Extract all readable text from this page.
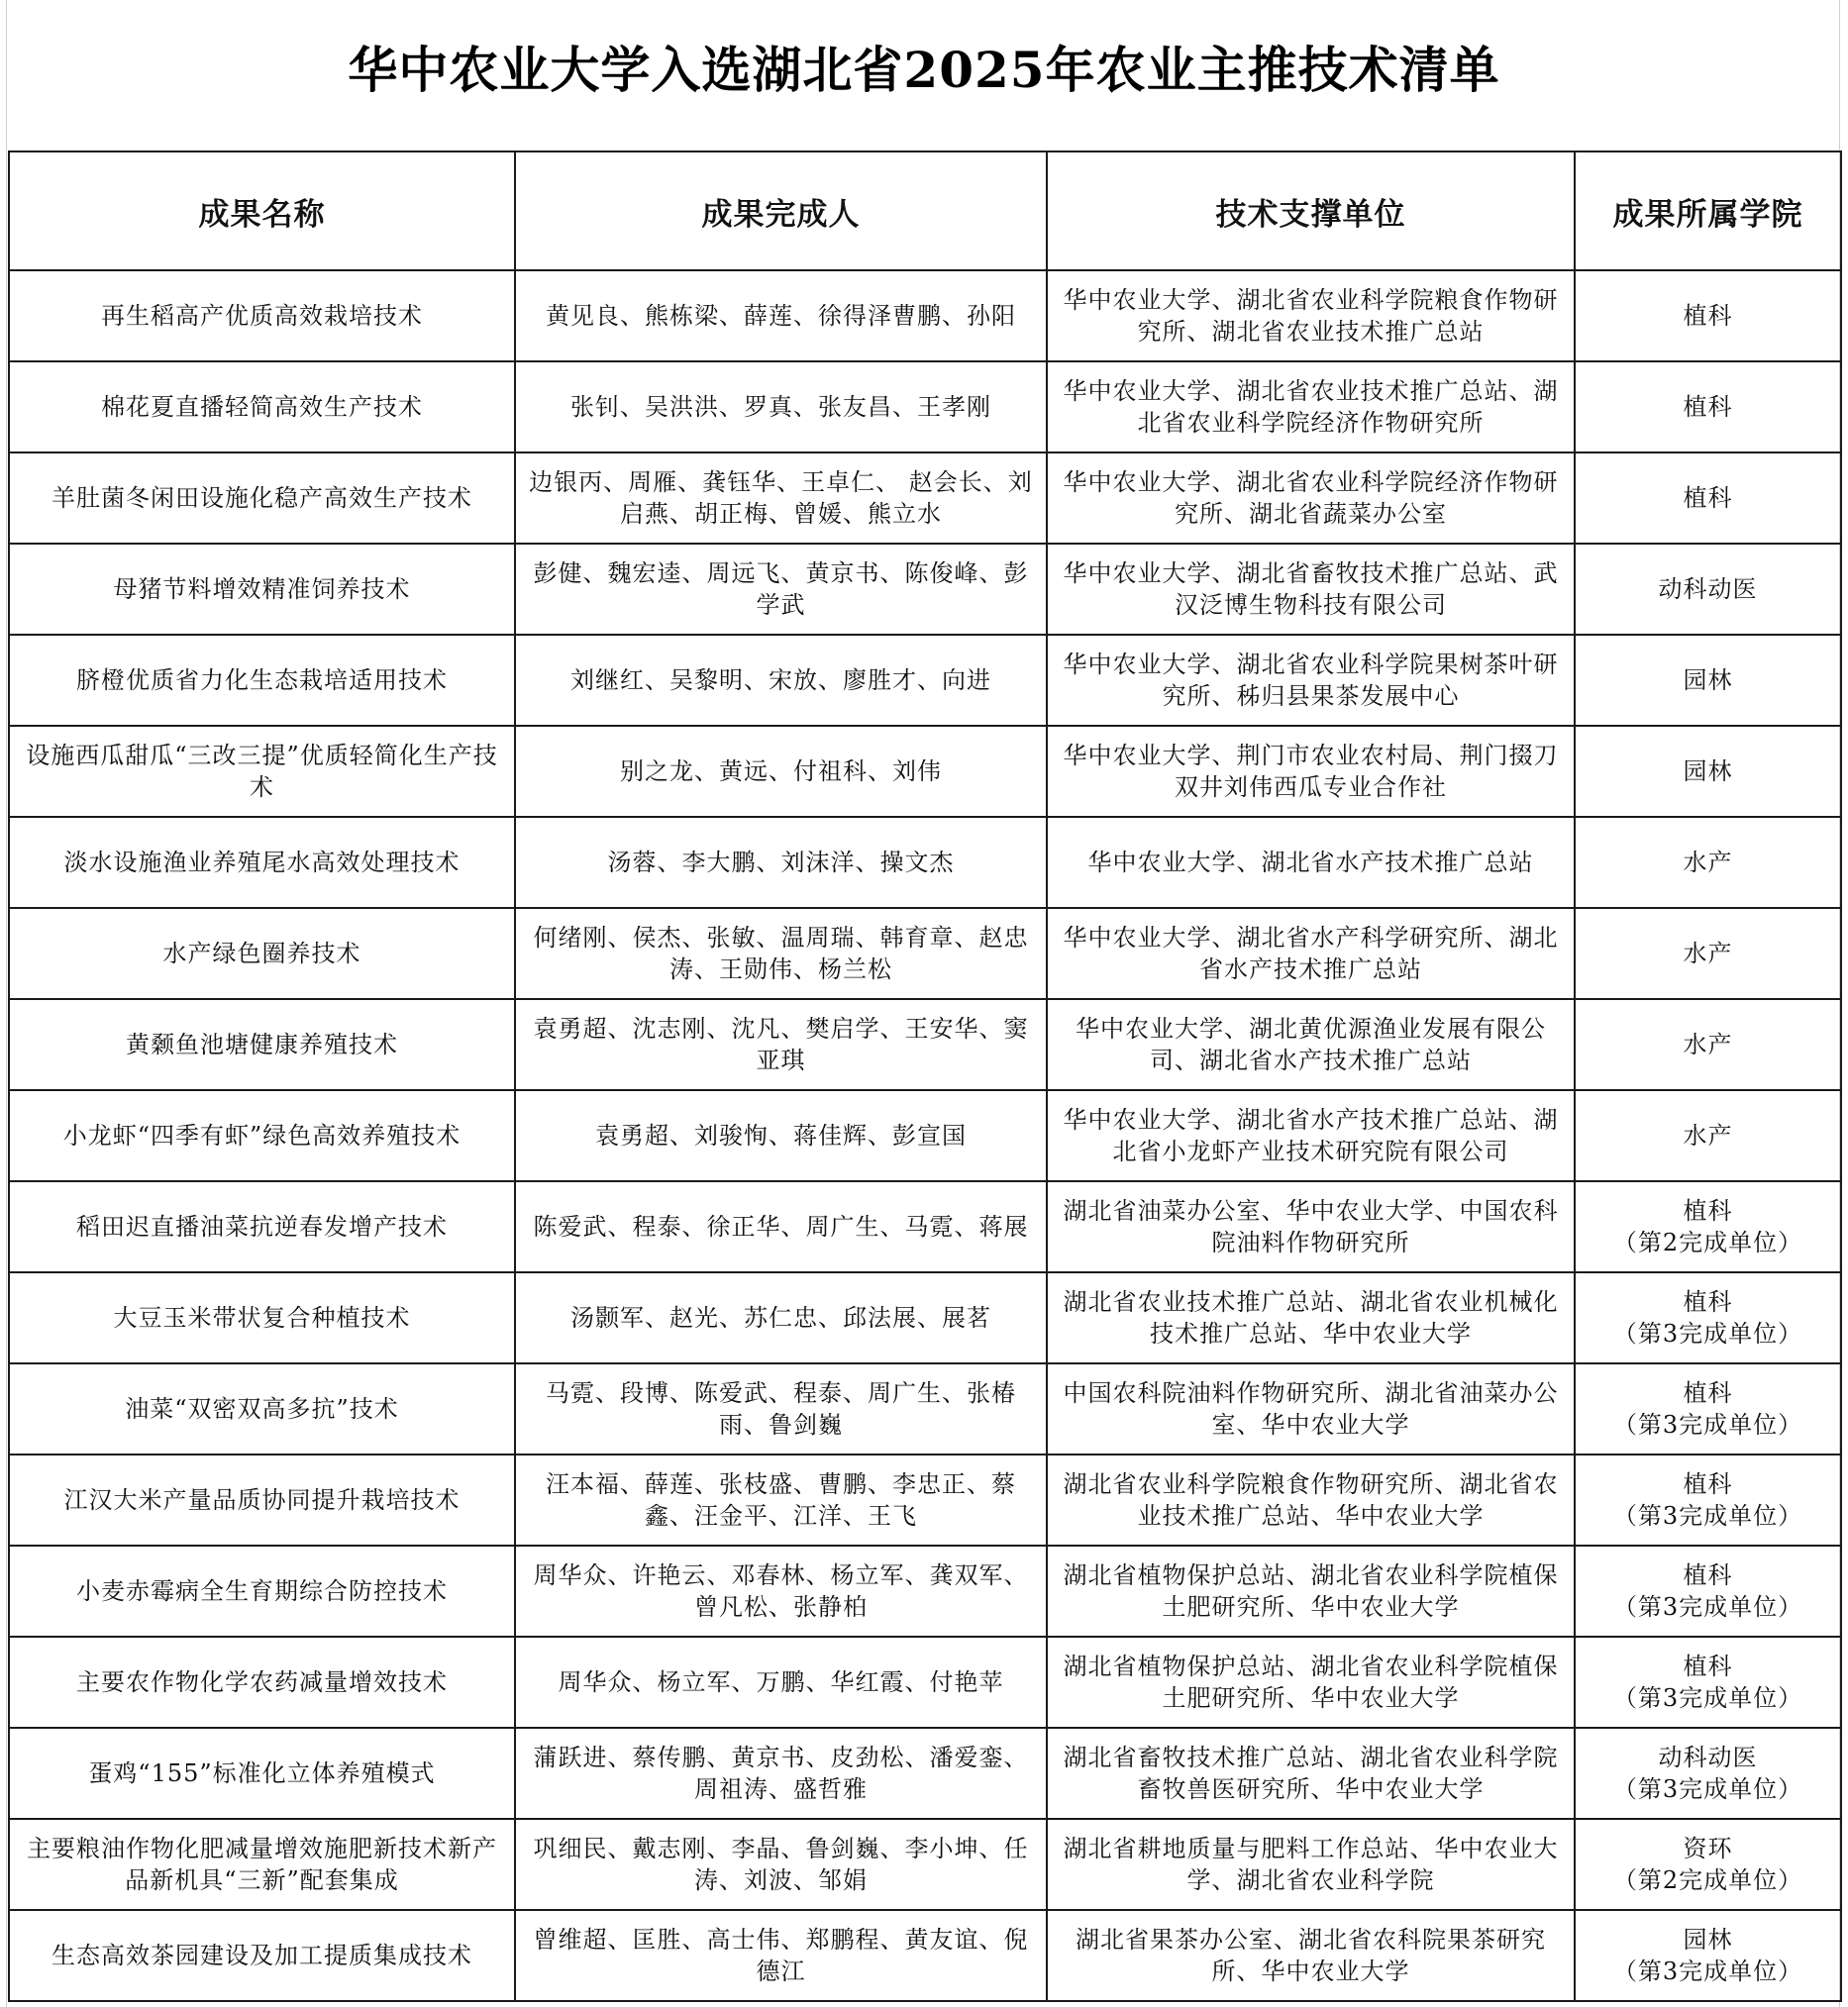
华中农业大学入选湖北省2025年农业主推技术清单
成果名称	成果完成人	技术支撑单位	成果所属学院
再生稻高产优质高效栽培技术	黄见良、熊栋梁、薛莲、徐得泽曹鹏、孙阳	华中农业大学、湖北省农业科学院粮食作物研究所、湖北省农业技术推广总站	植科

棉花夏直播轻简高效生产技术	张钊、吴洪洪、罗真、张友昌、王孝刚	华中农业大学、湖北省农业技术推广总站、湖北省农业科学院经济作物研究所	植科

羊肚菌冬闲田设施化稳产高效生产技术	边银丙、周雁、龚钰华、王卓仁、 赵会长、刘启燕、胡正梅、曾媛、熊立水	华中农业大学、湖北省农业科学院经济作物研究所、湖北省蔬菜办公室	植科

母猪节料增效精准饲养技术	彭健、魏宏逵、周远飞、黄京书、陈俊峰、彭学武	华中农业大学、湖北省畜牧技术推广总站、武汉泛博生物科技有限公司	动科动医

脐橙优质省力化生态栽培适用技术	刘继红、吴黎明、宋放、廖胜才、向进	华中农业大学、湖北省农业科学院果树茶叶研究所、秭归县果茶发展中心	园林

设施西瓜甜瓜“三改三提”优质轻简化生产技术	别之龙、黄远、付祖科、刘伟	华中农业大学、荆门市农业农村局、荆门掇刀双井刘伟西瓜专业合作社	园林

淡水设施渔业养殖尾水高效处理技术	汤蓉、李大鹏、刘沫洋、操文杰	华中农业大学、湖北省水产技术推广总站	水产

水产绿色圈养技术	何绪刚、侯杰、张敏、温周瑞、韩育章、赵忠涛、王勋伟、杨兰松	华中农业大学、湖北省水产科学研究所、湖北省水产技术推广总站	水产

黄颡鱼池塘健康养殖技术	袁勇超、沈志刚、沈凡、樊启学、王安华、窦亚琪	华中农业大学、湖北黄优源渔业发展有限公司、湖北省水产技术推广总站	水产

小龙虾“四季有虾”绿色高效养殖技术	袁勇超、刘骏恂、蒋佳辉、彭宣国	华中农业大学、湖北省水产技术推广总站、湖北省小龙虾产业技术研究院有限公司	水产

稻田迟直播油菜抗逆春发增产技术	陈爱武、程泰、徐正华、周广生、马霓、蒋展	湖北省油菜办公室、华中农业大学、中国农科院油料作物研究所	植科
（第2完成单位）

大豆玉米带状复合种植技术	汤颢军、赵光、苏仁忠、邱法展、展茗	湖北省农业技术推广总站、湖北省农业机械化技术推广总站、华中农业大学	植科
（第3完成单位）

油菜“双密双高多抗”技术	马霓、段博、陈爱武、程泰、周广生、张椿雨、鲁剑巍	中国农科院油料作物研究所、湖北省油菜办公室、华中农业大学	植科
（第3完成单位）

江汉大米产量品质协同提升栽培技术	汪本福、薛莲、张枝盛、曹鹏、李忠正、蔡鑫、汪金平、江洋、王飞	湖北省农业科学院粮食作物研究所、湖北省农业技术推广总站、华中农业大学	植科
（第3完成单位）

小麦赤霉病全生育期综合防控技术	周华众、许艳云、邓春林、杨立军、龚双军、曾凡松、张静柏	湖北省植物保护总站、湖北省农业科学院植保土肥研究所、华中农业大学	植科
（第3完成单位）

主要农作物化学农药减量增效技术	周华众、杨立军、万鹏、华红霞、付艳苹	湖北省植物保护总站、湖北省农业科学院植保土肥研究所、华中农业大学	植科
（第3完成单位）

蛋鸡“155”标准化立体养殖模式	蒲跃进、蔡传鹏、黄京书、皮劲松、潘爱銮、周祖涛、盛哲雅	湖北省畜牧技术推广总站、湖北省农业科学院畜牧兽医研究所、华中农业大学	动科动医
（第3完成单位）

主要粮油作物化肥减量增效施肥新技术新产品新机具“三新”配套集成	巩细民、戴志刚、李晶、鲁剑巍、李小坤、任涛、刘波、邹娟	湖北省耕地质量与肥料工作总站、华中农业大学、湖北省农业科学院	资环
（第2完成单位）

生态高效茶园建设及加工提质集成技术	曾维超、匡胜、高士伟、郑鹏程、黄友谊、倪德江	湖北省果茶办公室、湖北省农科院果茶研究所、华中农业大学	园林
（第3完成单位）
